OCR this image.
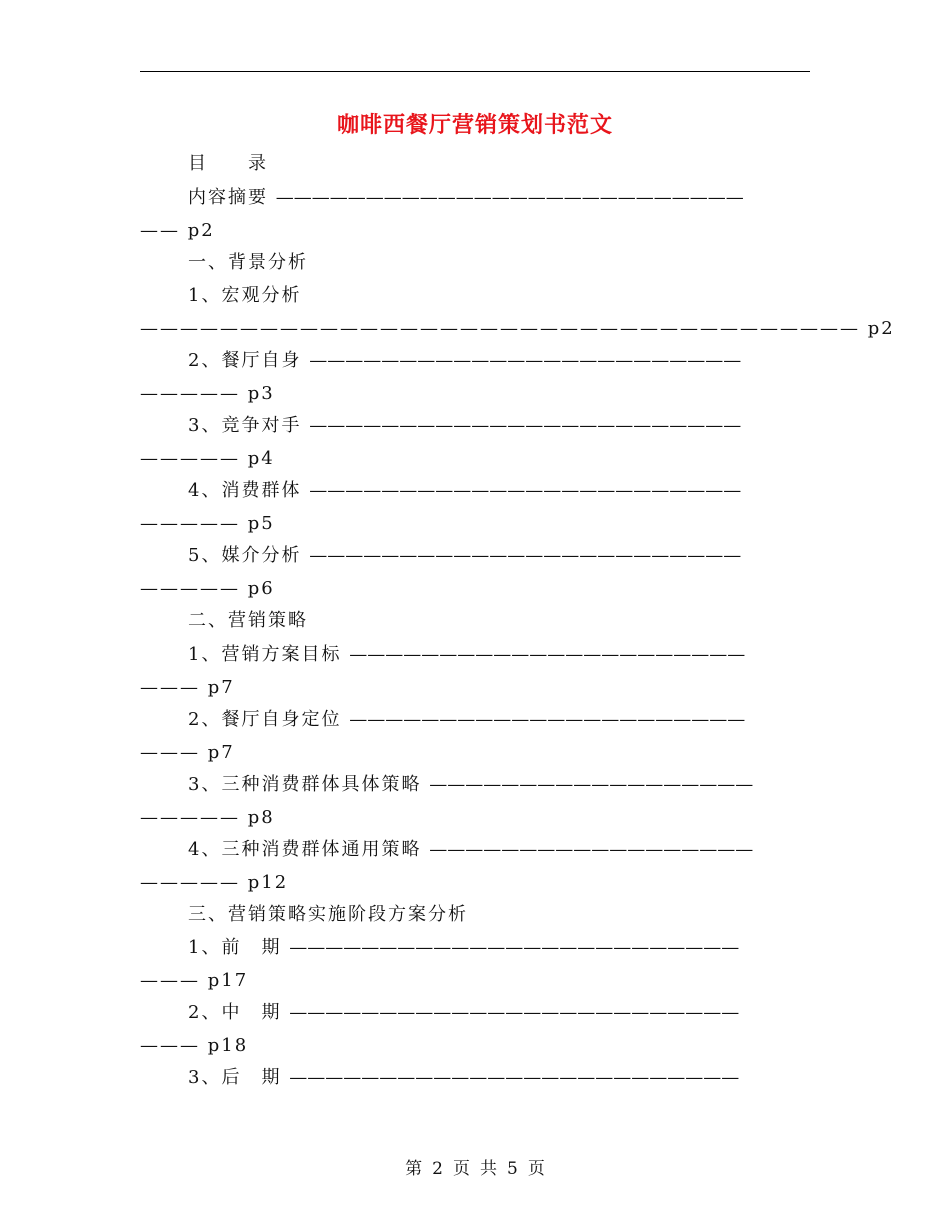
咖啡西餐厅营销策划书范文
目　　录
内容摘要 ——————————————————————————
—— p2
一、背景分析
1、宏观分析
———————————————————————————————————— p2
2、餐厅自身 ————————————————————————
————— p3
3、竞争对手 ————————————————————————
————— p4
4、消费群体 ————————————————————————
————— p5
5、媒介分析 ————————————————————————
————— p6
二、营销策略
1、营销方案目标 ——————————————————————
——— p7
2、餐厅自身定位 ——————————————————————
——— p7
3、三种消费群体具体策略 ——————————————————
————— p8
4、三种消费群体通用策略 ——————————————————
————— p12
三、营销策略实施阶段方案分析
1、前　期 —————————————————————————
——— p17
2、中　期 —————————————————————————
——— p18
3、后　期 —————————————————————————
第 2 页 共 5 页
